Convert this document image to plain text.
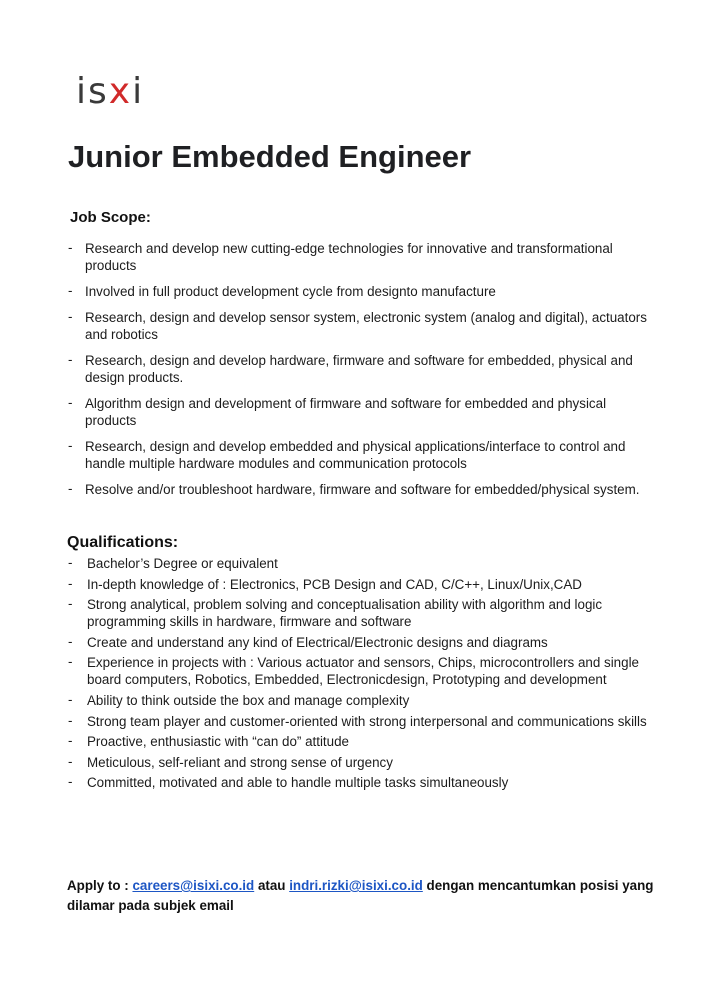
isxi
Junior Embedded Engineer
Job Scope:
- Research and develop new cutting-edge technologies for innovative and transformational products
- Involved in full product development cycle from designto manufacture
- Research, design and develop sensor system, electronic system (analog and digital), actuators and robotics
- Research, design and develop hardware, firmware and software for embedded, physical and design products.
- Algorithm design and development of firmware and software for embedded and physical products
- Research, design and develop embedded and physical applications/interface to control and handle multiple hardware modules and communication protocols
- Resolve and/or troubleshoot hardware, firmware and software for embedded/physical system.
Qualifications:
- Bachelor’s Degree or equivalent
- In-depth knowledge of : Electronics, PCB Design and CAD, C/C++, Linux/Unix,CAD
- Strong analytical, problem solving and conceptualisation ability with algorithm and logic programming skills in hardware, firmware and software
- Create and understand any kind of Electrical/Electronic designs and diagrams
- Experience in projects with : Various actuator and sensors, Chips, microcontrollers and single board computers, Robotics, Embedded, Electronicdesign, Prototyping and development
- Ability to think outside the box and manage complexity
- Strong team player and customer-oriented with strong interpersonal and communications skills
- Proactive, enthusiastic with “can do” attitude
- Meticulous, self-reliant and strong sense of urgency
- Committed, motivated and able to handle multiple tasks simultaneously

Apply to : careers@isixi.co.id atau indri.rizki@isixi.co.id dengan mencantumkan posisi yang dilamar pada subjek email
